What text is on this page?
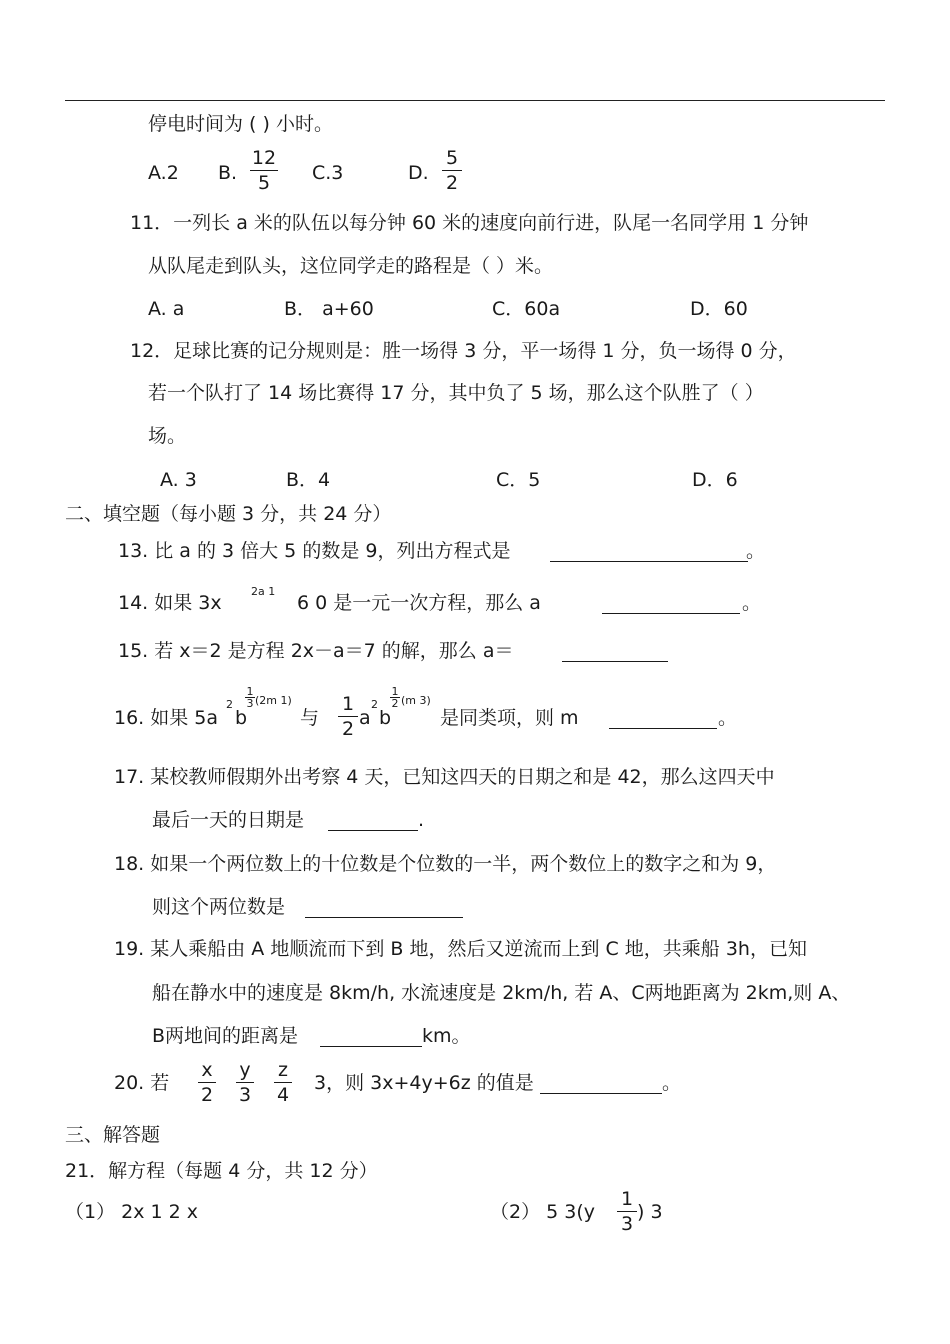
停电时间为 ( ) 小时。
A.2 B.
12
5	C.3	D.
5
2
11．一列长 a 米的队伍以每分钟 60 米的速度向前行进，队尾一名同学用 1 分钟
从队尾走到队头，这位同学走的路程是（ ）米。
A. a	B． a+60	C．60a	D．60
12．足球比赛的记分规则是：胜一场得 3 分，平一场得 1 分，负一场得 0 分，
若一个队打了 14 场比赛得 17 分，其中负了 5 场，那么这个队胜了（ ）
场。
A. 3	B．4	C．5	D．6
二、填空题（每小题 3 分，共 24 分）
13. 比 a 的 3 倍大 5 的数是 9，列出方程式是	。
14. 如果 3x
2a 1
6 0 是一元一次方程，那么 a	。
15. 若 x＝2 是方程 2x－a＝7 的解，那么 a＝
16. 如果 5a
2
b
1
3 (2m 1)
与
1
2 a
2
b
1
2 (m 3)
是同类项，则 m	。
17. 某校教师假期外出考察 4 天，已知这四天的日期之和是 42，那么这四天中
最后一天的日期是	.
18. 如果一个两位数上的十位数是个位数的一半，两个数位上的数字之和为 9，
则这个两位数是
19. 某人乘船由 A 地顺流而下到 B 地，然后又逆流而上到 C 地，共乘船 3h，已知
船在静水中的速度是 8km/h, 水流速度是 2km/h, 若 A、C两地距离为 2km,则 A、
B两地间的距离是	km。
20. 若
x
2
y
3
z
4
3，则 3x+4y+6z 的值是	。
三、解答题
21．解方程（每题 4 分，共 12 分）
（1） 2x 1 2 x	（2） 5 3(y
1
3
) 3
